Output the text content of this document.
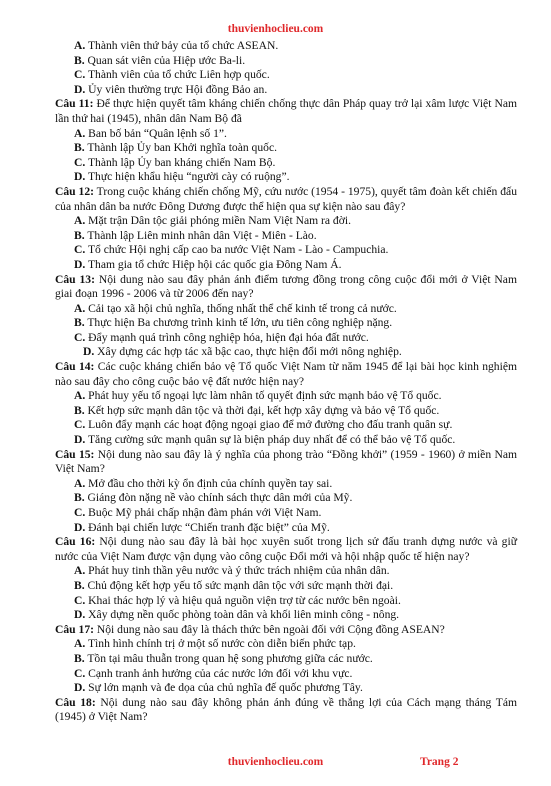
thuvienhoclieu.com
A. Thành viên thứ bảy của tổ chức ASEAN.
B. Quan sát viên của Hiệp ước Ba-li.
C. Thành viên của tổ chức Liên hợp quốc.
D. Ủy viên thường trực Hội đồng Bảo an.
Câu 11: Để thực hiện quyết tâm kháng chiến chống thực dân Pháp quay trở lại xâm lược Việt Nam lần thứ hai (1945), nhân dân Nam Bộ đã
A. Ban bố bản “Quân lệnh số 1”.
B. Thành lập Ủy ban Khởi nghĩa toàn quốc.
C. Thành lập Ủy ban kháng chiến Nam Bộ.
D. Thực hiện khẩu hiệu “người cày có ruộng”.
Câu 12: Trong cuộc kháng chiến chống Mỹ, cứu nước (1954 - 1975), quyết tâm đoàn kết chiến đấu của nhân dân ba nước Đông Dương được thể hiện qua sự kiện nào sau đây?
A. Mặt trận Dân tộc giải phóng miền Nam Việt Nam ra đời.
B. Thành lập Liên minh nhân dân Việt - Miên - Lào.
C. Tổ chức Hội nghị cấp cao ba nước Việt Nam - Lào - Campuchia.
D. Tham gia tổ chức Hiệp hội các quốc gia Đông Nam Á.
Câu 13: Nội dung nào sau đây phản ánh điểm tương đồng trong công cuộc đổi mới ở Việt Nam giai đoạn 1996 - 2006 và từ 2006 đến nay?
A. Cải tạo xã hội chủ nghĩa, thống nhất thể chế kinh tế trong cả nước.
B. Thực hiện Ba chương trình kinh tế lớn, ưu tiên công nghiệp nặng.
C. Đẩy mạnh quá trình công nghiệp hóa, hiện đại hóa đất nước.
D. Xây dựng các hợp tác xã bậc cao, thực hiện đổi mới nông nghiệp.
Câu 14: Các cuộc kháng chiến bảo vệ Tổ quốc Việt Nam từ năm 1945 để lại bài học kinh nghiệm nào sau đây cho công cuộc bảo vệ đất nước hiện nay?
A. Phát huy yếu tố ngoại lực làm nhân tố quyết định sức mạnh bảo vệ Tổ quốc.
B. Kết hợp sức mạnh dân tộc và thời đại, kết hợp xây dựng và bảo vệ Tổ quốc.
C. Luôn đẩy mạnh các hoạt động ngoại giao để mở đường cho đấu tranh quân sự.
D. Tăng cường sức mạnh quân sự là biện pháp duy nhất để có thể bảo vệ Tổ quốc.
Câu 15: Nội dung nào sau đây là ý nghĩa của phong trào “Đồng khởi” (1959 - 1960) ở miền Nam Việt Nam?
A. Mở đầu cho thời kỳ ổn định của chính quyền tay sai.
B. Giáng đòn nặng nề vào chính sách thực dân mới của Mỹ.
C. Buộc Mỹ phải chấp nhận đàm phán với Việt Nam.
D. Đánh bại chiến lược “Chiến tranh đặc biệt” của Mỹ.
Câu 16: Nội dung nào sau đây là bài học xuyên suốt trong lịch sử đấu tranh dựng nước và giữ nước của Việt Nam được vận dụng vào công cuộc Đổi mới và hội nhập quốc tế hiện nay?
A. Phát huy tinh thần yêu nước và ý thức trách nhiệm của nhân dân.
B. Chủ động kết hợp yếu tố sức mạnh dân tộc với sức mạnh thời đại.
C. Khai thác hợp lý và hiệu quả nguồn viện trợ từ các nước bên ngoài.
D. Xây dựng nền quốc phòng toàn dân và khối liên minh công - nông.
Câu 17: Nội dung nào sau đây là thách thức bên ngoài đối với Cộng đồng ASEAN?
A. Tình hình chính trị ở một số nước còn diễn biến phức tạp.
B. Tồn tại mâu thuẫn trong quan hệ song phương giữa các nước.
C. Cạnh tranh ảnh hưởng của các nước lớn đối với khu vực.
D. Sự lớn mạnh và đe dọa của chủ nghĩa đế quốc phương Tây.
Câu 18: Nội dung nào sau đây không phản ánh đúng về thắng lợi của Cách mạng tháng Tám (1945) ở Việt Nam?
thuvienhoclieu.com	Trang 2
